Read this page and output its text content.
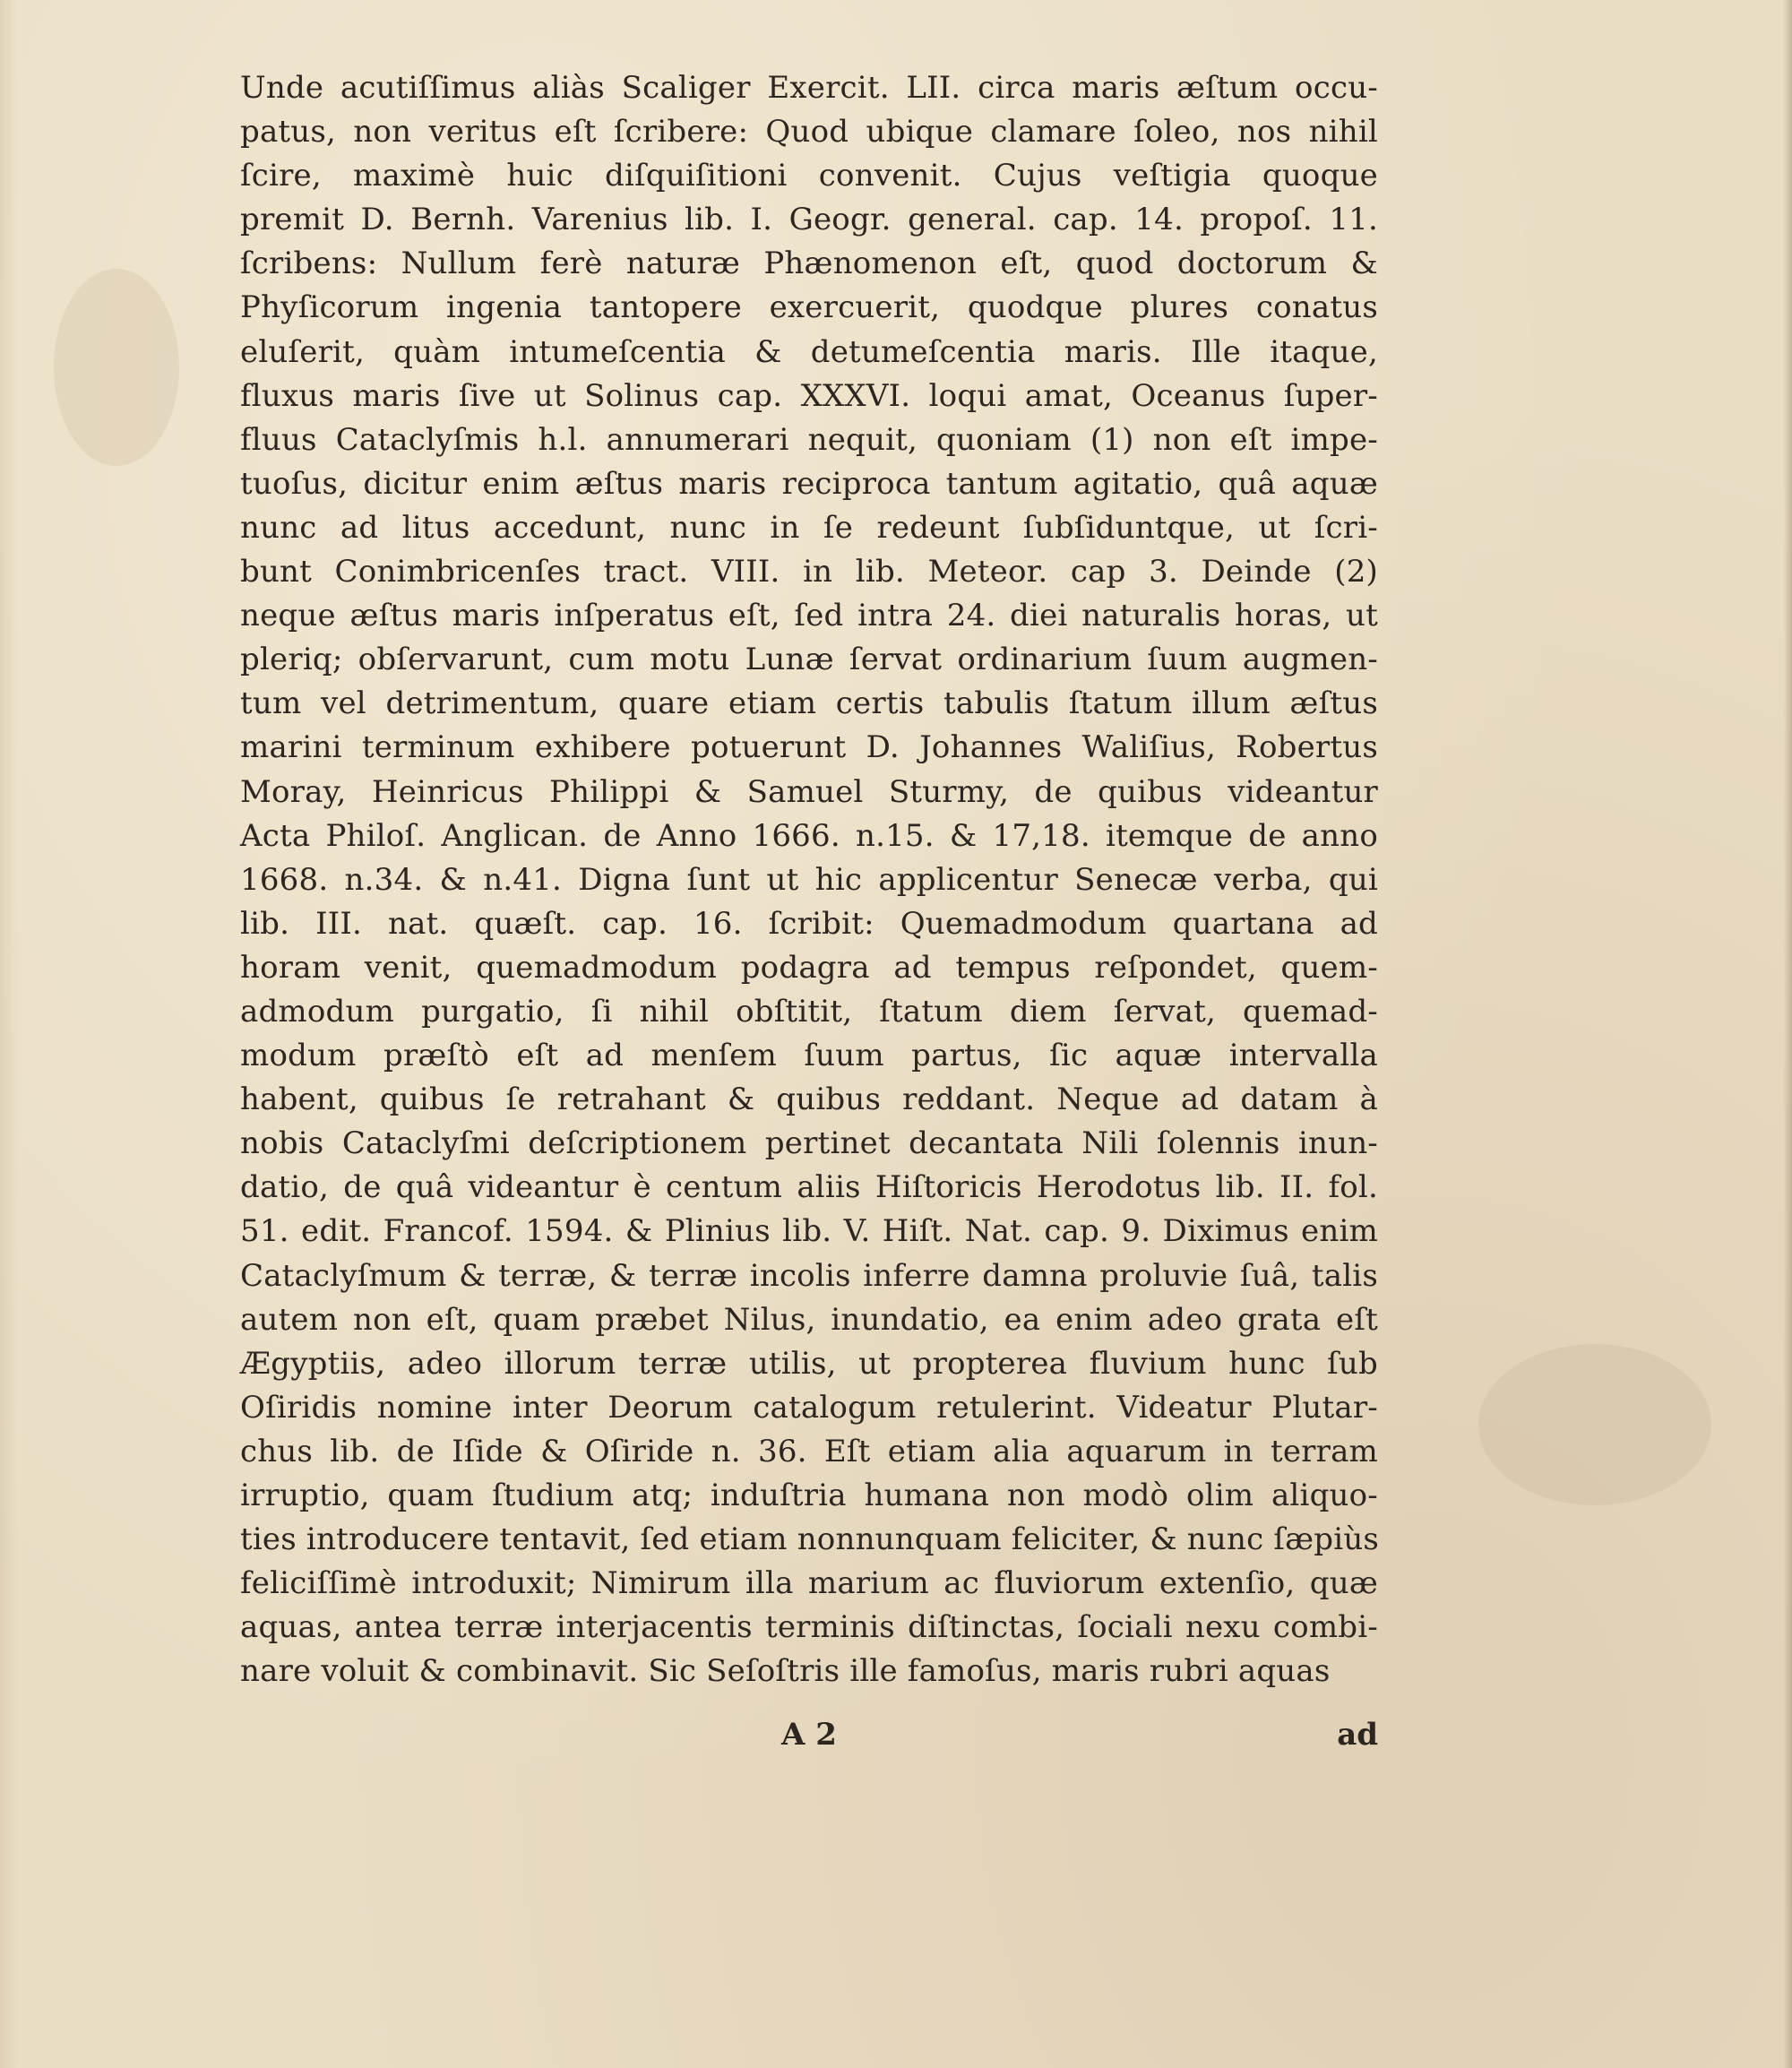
Unde acutiſſimus aliàs Scaliger Exercit. LII. circa maris æſtum occu-
patus, non veritus eſt ſcribere: Quod ubique clamare ſoleo, nos nihil
ſcire, maximè huic diſquiſitioni convenit. Cujus veſtigia quoque
premit D. Bernh. Varenius lib. I. Geogr. general. cap. 14. propoſ. 11.
ſcribens: Nullum ferè naturæ Phænomenon eſt, quod doctorum &
Phyſicorum ingenia tantopere exercuerit, quodque plures conatus
eluſerit, quàm intumeſcentia & detumeſcentia maris. Ille itaque,
fluxus maris ſive ut Solinus cap. XXXVI. loqui amat, Oceanus ſuper-
fluus Cataclyſmis h.l. annumerari nequit, quoniam (1) non eſt impe-
tuoſus, dicitur enim æſtus maris reciproca tantum agitatio, quâ aquæ
nunc ad litus accedunt, nunc in ſe redeunt ſubſiduntque, ut ſcri-
bunt Conimbricenſes tract. VIII. in lib. Meteor. cap 3. Deinde (2)
neque æſtus maris inſperatus eſt, ſed intra 24. diei naturalis horas, ut
pleriq; obſervarunt, cum motu Lunæ ſervat ordinarium ſuum augmen-
tum vel detrimentum, quare etiam certis tabulis ſtatum illum æſtus
marini terminum exhibere potuerunt D. Johannes Waliſius, Robertus
Moray, Heinricus Philippi & Samuel Sturmy, de quibus videantur
Acta Philoſ. Anglican. de Anno 1666. n.15. & 17,18. itemque de anno
1668. n.34. & n.41. Digna ſunt ut hic applicentur Senecæ verba, qui
lib. III. nat. quæſt. cap. 16. ſcribit: Quemadmodum quartana ad
horam venit, quemadmodum podagra ad tempus reſpondet, quem-
admodum purgatio, ſi nihil obſtitit, ſtatum diem ſervat, quemad-
modum præſtò eſt ad menſem ſuum partus, ſic aquæ intervalla
habent, quibus ſe retrahant & quibus reddant. Neque ad datam à
nobis Cataclyſmi deſcriptionem pertinet decantata Nili ſolennis inun-
datio, de quâ videantur è centum aliis Hiſtoricis Herodotus lib. II. fol.
51. edit. Francof. 1594. & Plinius lib. V. Hiſt. Nat. cap. 9. Diximus enim
Cataclyſmum & terræ, & terræ incolis inferre damna proluvie ſuâ, talis
autem non eſt, quam præbet Nilus, inundatio, ea enim adeo grata eſt
Ægyptiis, adeo illorum terræ utilis, ut propterea fluvium hunc ſub
Oſiridis nomine inter Deorum catalogum retulerint. Videatur Plutar-
chus lib. de Iſide & Oſiride n. 36. Eſt etiam alia aquarum in terram
irruptio, quam ſtudium atq; induſtria humana non modò olim aliquo-
ties introducere tentavit, ſed etiam nonnunquam feliciter, & nunc ſæpiùs
feliciſſimè introduxit; Nimirum illa marium ac fluviorum extenſio, quæ
aquas, antea terræ interjacentis terminis diſtinctas, ſociali nexu combi-
nare voluit & combinavit. Sic Seſoſtris ille famoſus, maris rubri aquas
A 2	ad
